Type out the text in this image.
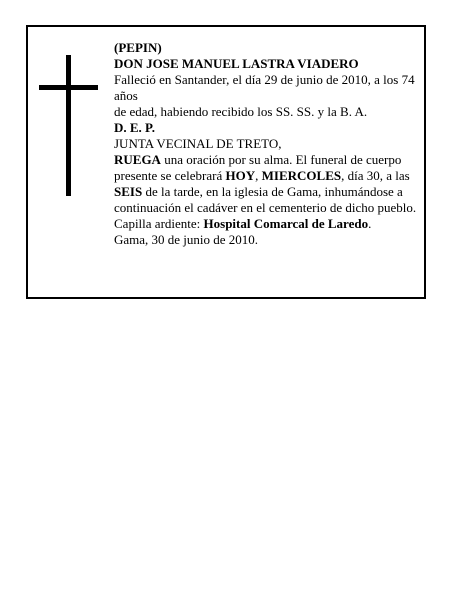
(PEPIN)

DON JOSE MANUEL LASTRA VIADERO

Falleció en Santander, el día 29 de junio de 2010, a los 74 años

de edad, habiendo recibido los SS. SS. y la B. A.

D. E. P.

JUNTA VECINAL DE TRETO,

RUEGA una oración por su alma. El funeral de cuerpo presente se celebrará HOY, MIERCOLES, día 30, a las SEIS de la tarde, en la iglesia de Gama, inhumándose a continuación el cadáver en el cementerio de dicho pueblo. Capilla ardiente: Hospital Comarcal de Laredo.

Gama, 30 de junio de 2010.
